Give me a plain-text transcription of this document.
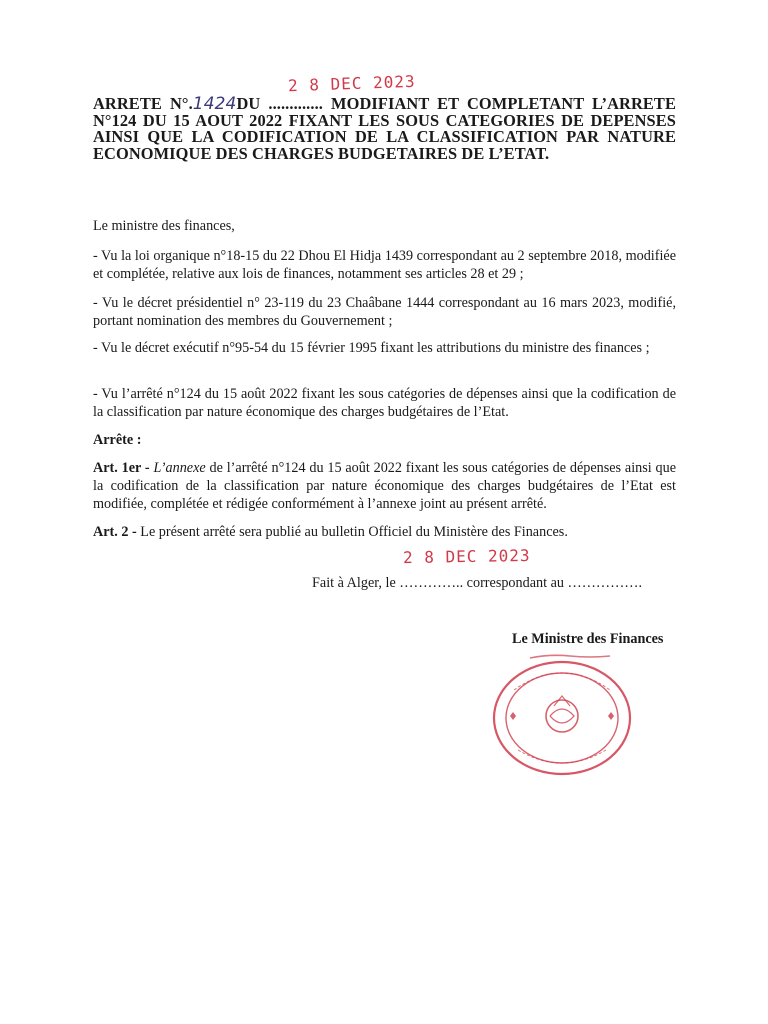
2 8 DEC 2023
ARRETE N°.1424DU ............. MODIFIANT ET COMPLETANT L’ARRETE N°124 DU 15 AOUT 2022 FIXANT LES SOUS CATEGORIES DE DEPENSES AINSI QUE LA CODIFICATION DE LA CLASSIFICATION PAR NATURE ECONOMIQUE DES CHARGES BUDGETAIRES DE L’ETAT.

Le ministre des finances,

- Vu la loi organique n°18-15 du 22 Dhou El Hidja 1439 correspondant au 2 septembre 2018, modifiée et complétée, relative aux lois de finances, notamment ses articles 28 et 29 ;

- Vu le décret présidentiel n° 23-119 du 23 Chaâbane 1444 correspondant au 16 mars 2023, modifié, portant nomination des membres du Gouvernement ;

- Vu le décret exécutif n°95-54 du 15 février 1995 fixant les attributions du ministre des finances ;

- Vu l’arrêté n°124 du 15 août 2022 fixant les sous catégories de dépenses ainsi que la codification de la classification par nature économique des charges budgétaires de l’Etat.

Arrête :

Art. 1er - L’annexe de l’arrêté n°124 du 15 août 2022 fixant les sous catégories de dépenses ainsi que la codification de la classification par nature économique des charges budgétaires de l’Etat est modifiée, complétée et rédigée conformément à l’annexe joint au présent arrêté.

Art. 2 - Le présent arrêté sera publié au bulletin Officiel du Ministère des Finances.

2 8 DEC 2023
Fait à Alger, le ………….. correspondant au …………….
Le Ministre des Finances
